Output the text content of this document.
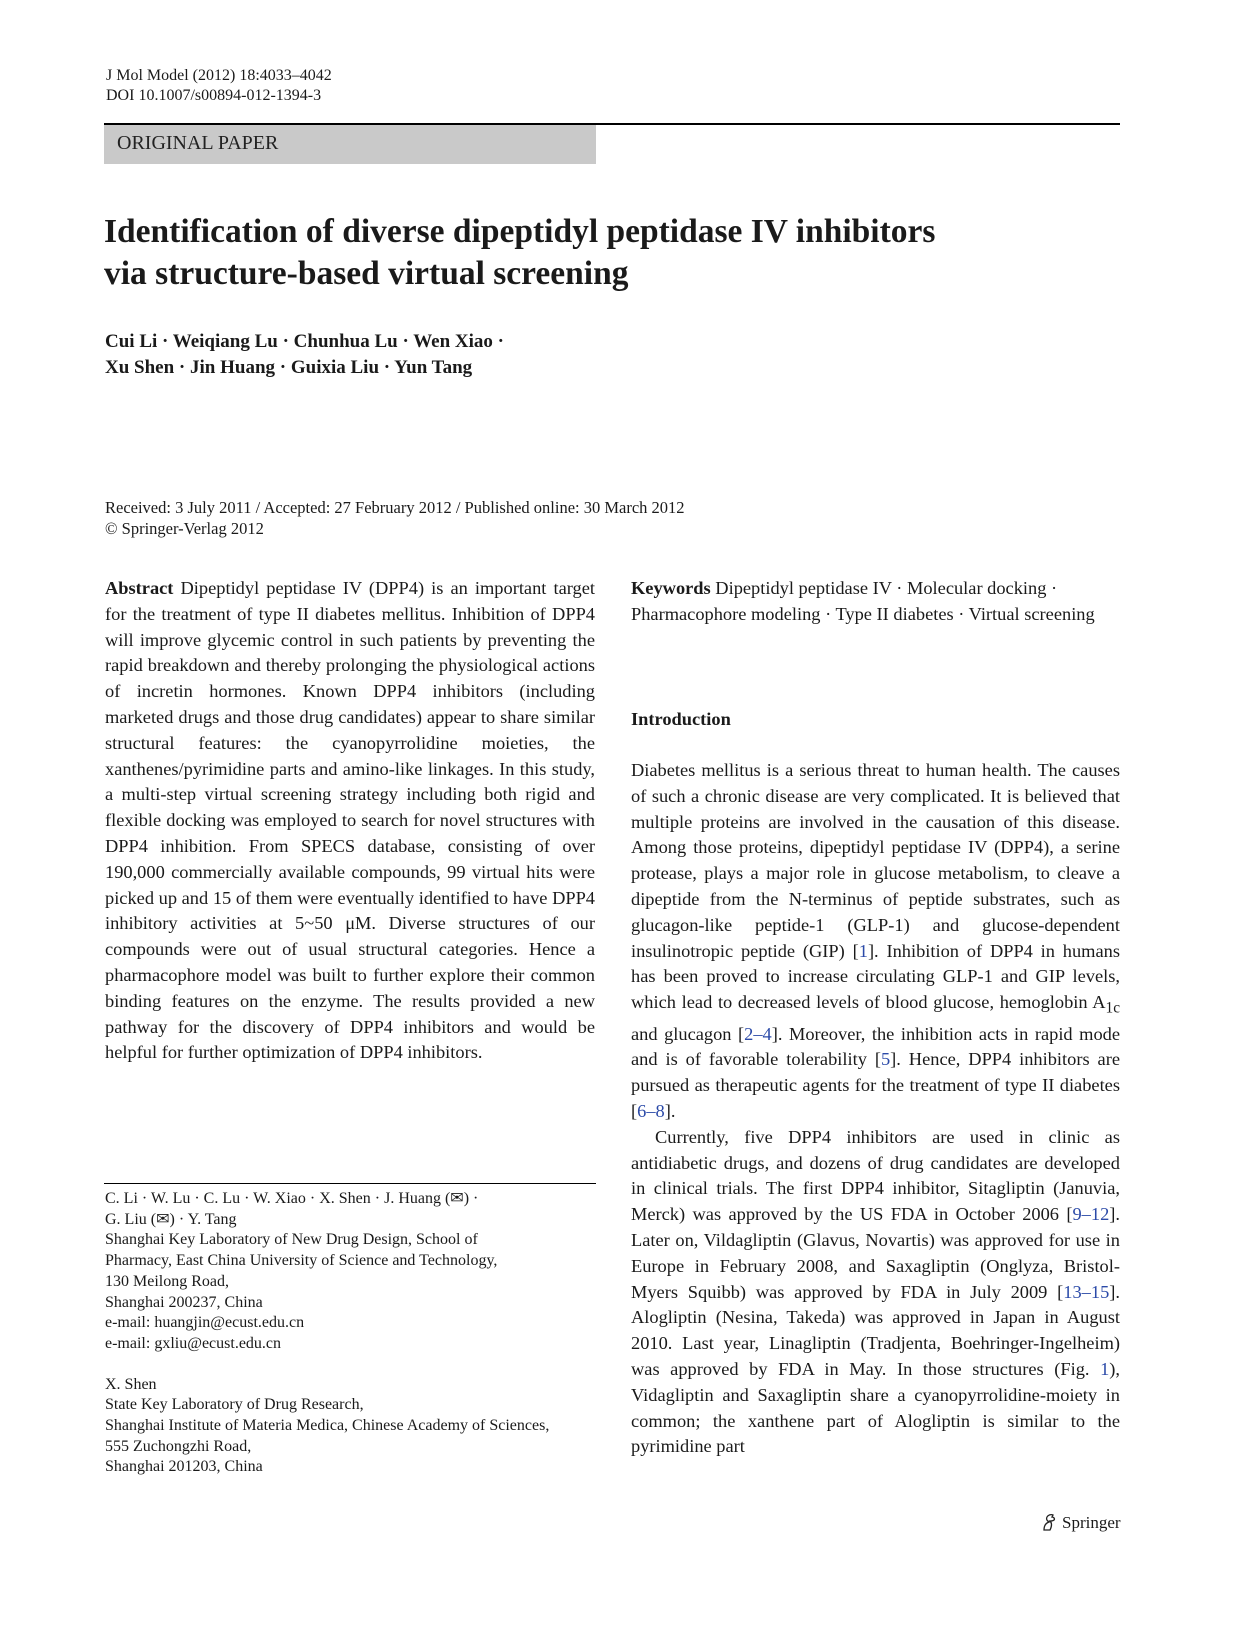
J Mol Model (2012) 18:4033–4042
DOI 10.1007/s00894-012-1394-3
ORIGINAL PAPER
Identification of diverse dipeptidyl peptidase IV inhibitors
via structure-based virtual screening
Cui Li · Weiqiang Lu · Chunhua Lu · Wen Xiao ·
Xu Shen · Jin Huang · Guixia Liu · Yun Tang
Received: 3 July 2011 / Accepted: 27 February 2012 / Published online: 30 March 2012
© Springer-Verlag 2012

Abstract Dipeptidyl peptidase IV (DPP4) is an important target for the treatment of type II diabetes mellitus. Inhibition of DPP4 will improve glycemic control in such patients by preventing the rapid breakdown and thereby prolonging the physiological actions of incretin hormones. Known DPP4 inhibitors (including marketed drugs and those drug candidates) appear to share similar structural features: the cyanopyrrolidine moieties, the xanthenes/pyrimidine parts and amino-like linkages. In this study, a multi-step virtual screening strategy including both rigid and flexible docking was employed to search for novel structures with DPP4 inhibition. From SPECS database, consisting of over 190,000 commercially available compounds, 99 virtual hits were picked up and 15 of them were eventually identified to have DPP4 inhibitory activities at 5~50 μM. Diverse structures of our compounds were out of usual structural categories. Hence a pharmacophore model was built to further explore their common binding features on the enzyme. The results provided a new pathway for the discovery of DPP4 inhibitors and would be helpful for further optimization of DPP4 inhibitors.

Keywords Dipeptidyl peptidase IV · Molecular docking · Pharmacophore modeling · Type II diabetes · Virtual screening

Introduction

Diabetes mellitus is a serious threat to human health. The causes of such a chronic disease are very complicated. It is believed that multiple proteins are involved in the causation of this disease. Among those proteins, dipeptidyl peptidase IV (DPP4), a serine protease, plays a major role in glucose metabolism, to cleave a dipeptide from the N-terminus of peptide substrates, such as glucagon-like peptide-1 (GLP-1) and glucose-dependent insulinotropic peptide (GIP) [1]. Inhibition of DPP4 in humans has been proved to increase circulating GLP-1 and GIP levels, which lead to decreased levels of blood glucose, hemoglobin $A_{1c}$ and glucagon [2–4]. Moreover, the inhibition acts in rapid mode and is of favorable tolerability [5]. Hence, DPP4 inhibitors are pursued as therapeutic agents for the treatment of type II diabetes [6–8].

Currently, five DPP4 inhibitors are used in clinic as antidiabetic drugs, and dozens of drug candidates are developed in clinical trials. The first DPP4 inhibitor, Sitagliptin (Januvia, Merck) was approved by the US FDA in October 2006 [9–12]. Later on, Vildagliptin (Glavus, Novartis) was approved for use in Europe in February 2008, and Saxagliptin (Onglyza, Bristol-Myers Squibb) was approved by FDA in July 2009 [13–15]. Alogliptin (Nesina, Takeda) was approved in Japan in August 2010. Last year, Linagliptin (Tradjenta, Boehringer-Ingelheim) was approved by FDA in May. In those structures (Fig. 1), Vidagliptin and Saxagliptin share a cyanopyrrolidine-moiety in common; the xanthene part of Alogliptin is similar to the pyrimidine part

C. Li · W. Lu · C. Lu · W. Xiao · X. Shen · J. Huang (✉) ·
G. Liu (✉) · Y. Tang
Shanghai Key Laboratory of New Drug Design, School of
Pharmacy, East China University of Science and Technology,
130 Meilong Road,
Shanghai 200237, China
e-mail: huangjin@ecust.edu.cn
e-mail: gxliu@ecust.edu.cn
X. Shen
State Key Laboratory of Drug Research,
Shanghai Institute of Materia Medica, Chinese Academy of Sciences,
555 Zuchongzhi Road,
Shanghai 201203, China
Springer
